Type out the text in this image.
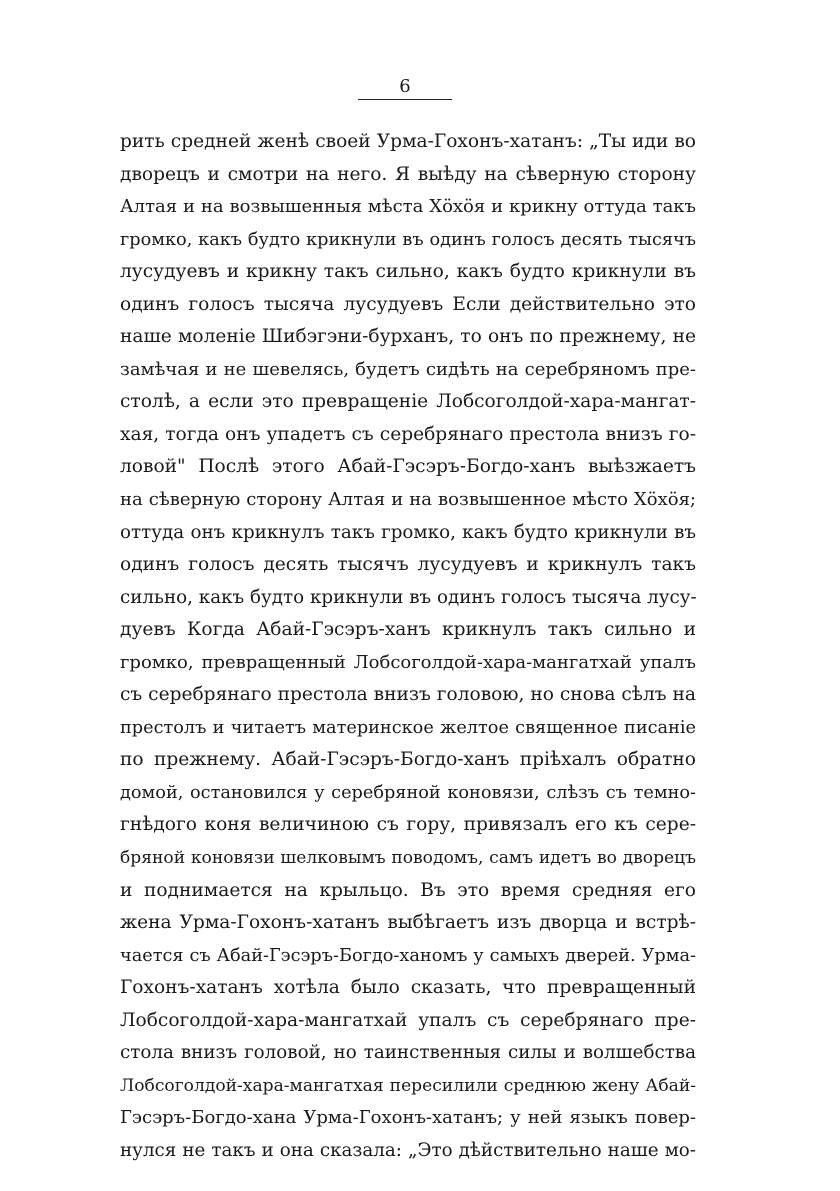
6
рить средней женѣ своей Урма-Гохонъ-хатанъ: „Ты иди во
дворецъ и смотри на него. Я выѣду на сѣверную сторону
Алтая и на возвышенныя мѣста Хӧхӧя и крикну оттуда такъ
громко, какъ будто крикнули въ одинъ голосъ десять тысячъ
лусудуевъ и крикну такъ сильно, какъ будто крикнули въ
одинъ голосъ тысяча лусудуевъ Если действительно это
наше моленіе Шибэгэни-бурханъ, то онъ по прежнему, не
замѣчая и не шевелясь, будетъ сидѣть на серебряномъ пре-
столѣ, а если это превращеніе Лобсоголдой-хара-мангат-
хая, тогда онъ упадетъ съ серебрянаго престола внизъ го-
ловой" Послѣ этого Абай-Гэсэръ-Богдо-ханъ выѣзжаетъ
на сѣверную сторону Алтая и на возвышенное мѣсто Хӧхӧя;
оттуда онъ крикнулъ такъ громко, какъ будто крикнули въ
одинъ голосъ десять тысячъ лусудуевъ и крикнулъ такъ
сильно, какъ будто крикнули въ одинъ голосъ тысяча лусу-
дуевъ Когда Абай-Гэсэръ-ханъ крикнулъ такъ сильно и
громко, превращенный Лобсоголдой-хара-мангатхай упалъ
съ серебрянаго престола внизъ головою, но снова сѣлъ на
престолъ и читаетъ материнское желтое священное писаніе
по прежнему. Абай-Гэсэръ-Богдо-ханъ пріѣхалъ обратно
домой, остановился у серебряной коновязи, слѣзъ съ темно-
гнѣдого коня величиною съ гору, привязалъ его къ сере-
бряной коновязи шелковымъ поводомъ, самъ идетъ во дворецъ
и поднимается на крыльцо. Въ это время средняя его
жена Урма-Гохонъ-хатанъ выбѣгаетъ изъ дворца и встрѣ-
чается съ Абай-Гэсэръ-Богдо-ханомъ у самыхъ дверей. Урма-
Гохонъ-хатанъ хотѣла было сказать, что превращенный
Лобсоголдой-хара-мангатхай упалъ съ серебрянаго пре-
стола внизъ головой, но таинственныя силы и волшебства
Лобсоголдой-хара-мангатхая пересилили среднюю жену Абай-
Гэсэръ-Богдо-хана Урма-Гохонъ-хатанъ; у ней языкъ повер-
нулся не такъ и она сказала: „Это дѣйствительно наше мо-
